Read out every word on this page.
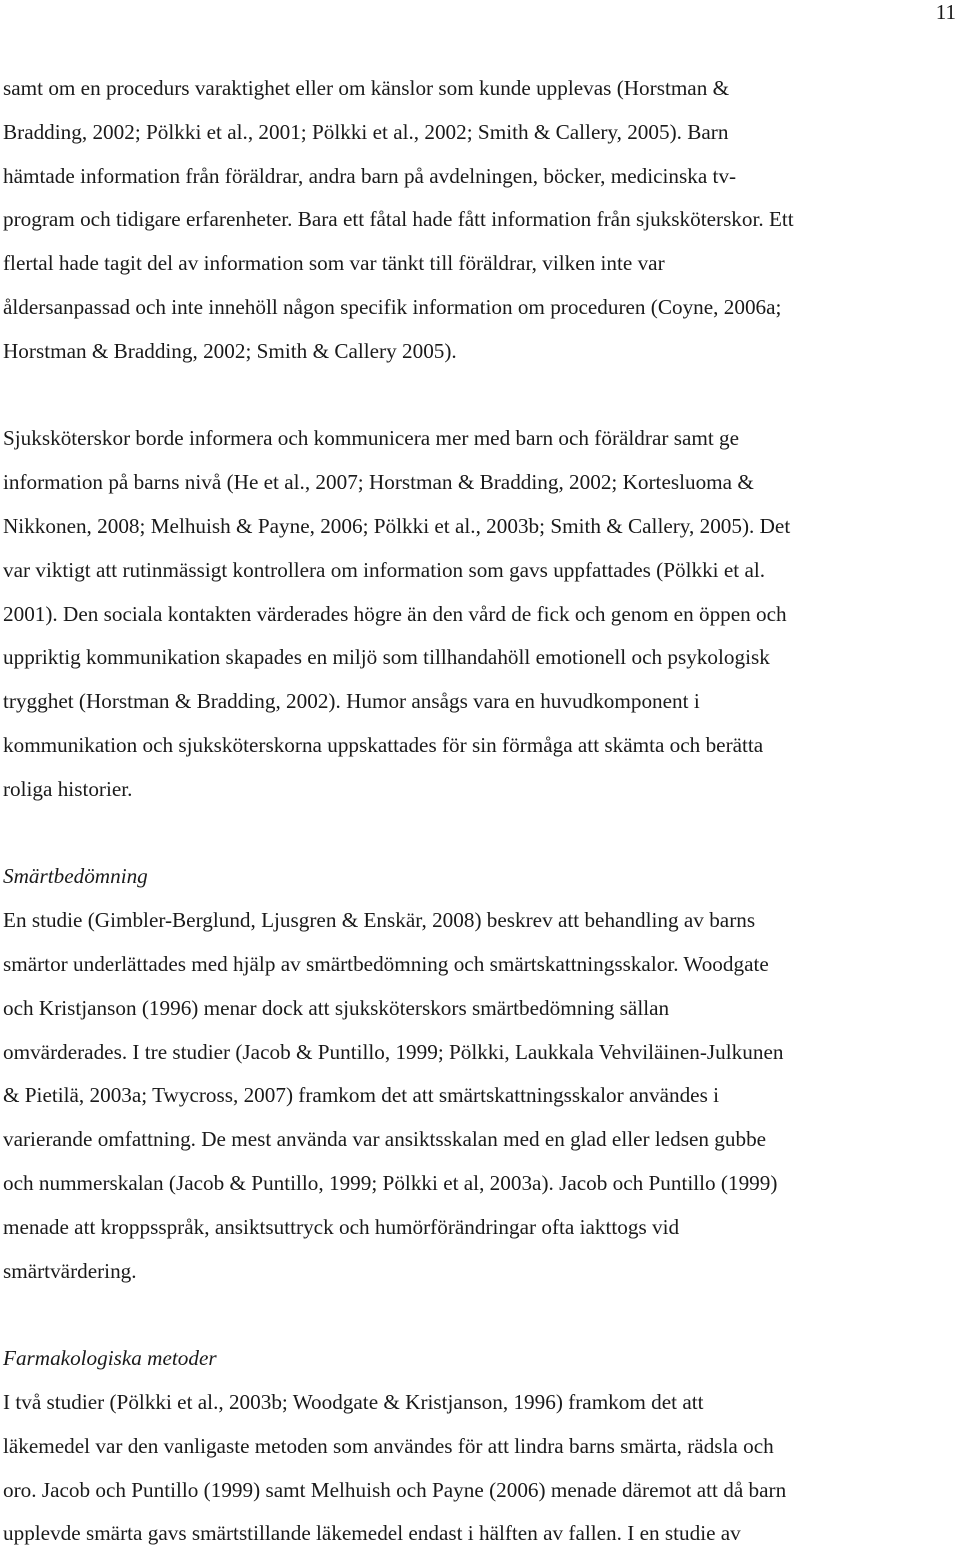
11
samt om en procedurs varaktighet eller om känslor som kunde upplevas (Horstman &
Bradding, 2002; Pölkki et al., 2001; Pölkki et al., 2002; Smith & Callery, 2005). Barn
hämtade information från föräldrar, andra barn på avdelningen, böcker, medicinska tv-
program och tidigare erfarenheter. Bara ett fåtal hade fått information från sjuksköterskor. Ett
flertal hade tagit del av information som var tänkt till föräldrar, vilken inte var
åldersanpassad och inte innehöll någon specifik information om proceduren (Coyne, 2006a;
Horstman & Bradding, 2002; Smith & Callery 2005).
Sjuksköterskor borde informera och kommunicera mer med barn och föräldrar samt ge
information på barns nivå (He et al., 2007; Horstman & Bradding, 2002; Kortesluoma &
Nikkonen, 2008; Melhuish & Payne, 2006; Pölkki et al., 2003b; Smith & Callery, 2005). Det
var viktigt att rutinmässigt kontrollera om information som gavs uppfattades (Pölkki et al.
2001). Den sociala kontakten värderades högre än den vård de fick och genom en öppen och
uppriktig kommunikation skapades en miljö som tillhandahöll emotionell och psykologisk
trygghet (Horstman & Bradding, 2002). Humor ansågs vara en huvudkomponent i
kommunikation och sjuksköterskorna uppskattades för sin förmåga att skämta och berätta
roliga historier.
Smärtbedömning
En studie (Gimbler-Berglund, Ljusgren & Enskär, 2008) beskrev att behandling av barns
smärtor underlättades med hjälp av smärtbedömning och smärtskattningsskalor. Woodgate
och Kristjanson (1996) menar dock att sjuksköterskors smärtbedömning sällan
omvärderades. I tre studier (Jacob & Puntillo, 1999; Pölkki, Laukkala Vehviläinen-Julkunen
& Pietilä, 2003a; Twycross, 2007) framkom det att smärtskattningsskalor användes i
varierande omfattning. De mest använda var ansiktsskalan med en glad eller ledsen gubbe
och nummerskalan (Jacob & Puntillo, 1999; Pölkki et al, 2003a). Jacob och Puntillo (1999)
menade att kroppsspråk, ansiktsuttryck och humörförändringar ofta iakttogs vid
smärtvärdering.
Farmakologiska metoder
I två studier (Pölkki et al., 2003b; Woodgate & Kristjanson, 1996) framkom det att
läkemedel var den vanligaste metoden som användes för att lindra barns smärta, rädsla och
oro. Jacob och Puntillo (1999) samt Melhuish och Payne (2006) menade däremot att då barn
upplevde smärta gavs smärtstillande läkemedel endast i hälften av fallen. I en studie av
